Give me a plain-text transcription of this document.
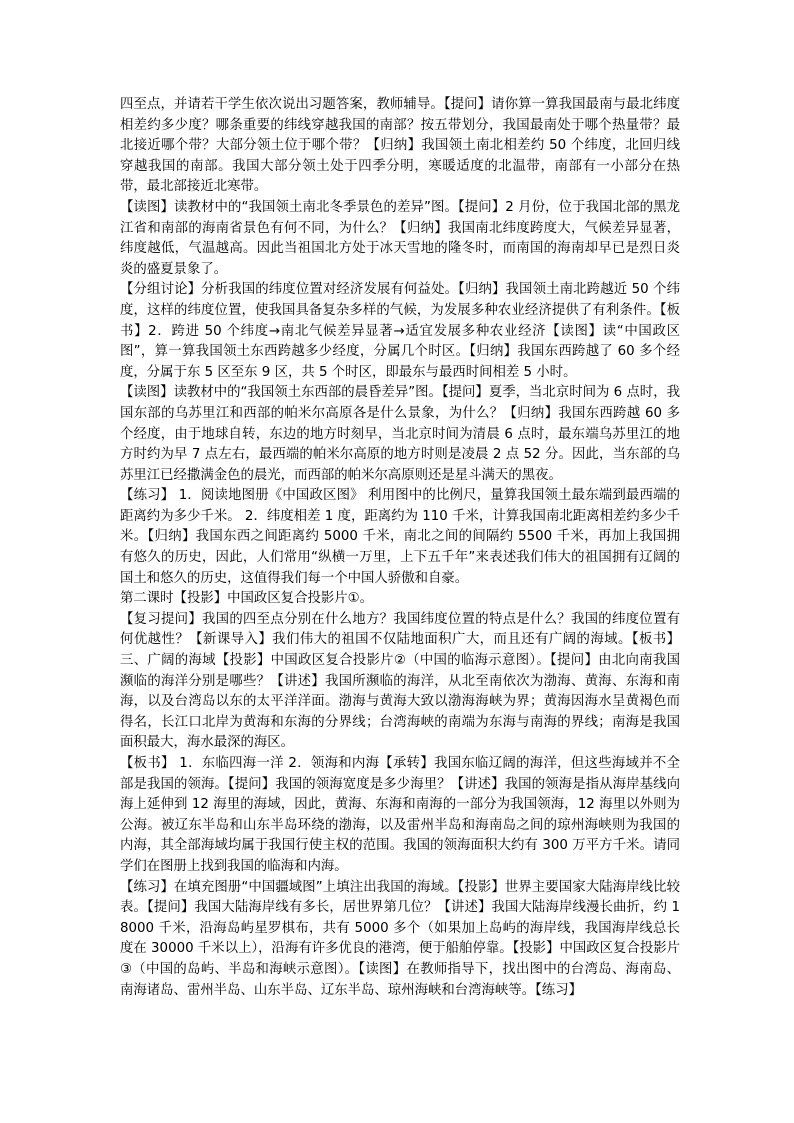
四至点，并请若干学生依次说出习题答案，教师辅导。【提问】请你算一算我国最南与最北纬度相差约多少度？哪条重要的纬线穿越我国的南部？按五带划分，我国最南处于哪个热量带？最北接近哪个带？大部分领土位于哪个带？【归纳】我国领土南北相差约 50 个纬度，北回归线穿越我国的南部。我国大部分领土处于四季分明，寒暖适度的北温带，南部有一小部分在热带，最北部接近北寒带。

【读图】读教材中的“我国领土南北冬季景色的差异”图。【提问】2 月份，位于我国北部的黑龙江省和南部的海南省景色有何不同，为什么？【归纳】我国南北纬度跨度大，气候差异显著，纬度越低，气温越高。因此当祖国北方处于冰天雪地的隆冬时，而南国的海南却早已是烈日炎炎的盛夏景象了。

【分组讨论】分析我国的纬度位置对经济发展有何益处。【归纳】我国领土南北跨越近 50 个纬度，这样的纬度位置，使我国具备复杂多样的气候，为发展多种农业经济提供了有利条件。【板书】2．跨进 50 个纬度→南北气候差异显著→适宜发展多种农业经济【读图】读“中国政区图”，算一算我国领土东西跨越多少经度，分属几个时区。【归纳】我国东西跨越了 60 多个经度，分属于东 5 区至东 9 区，共 5 个时区，即最东与最西时间相差 5 小时。

【读图】读教材中的“我国领土东西部的晨昏差异”图。【提问】夏季，当北京时间为 6 点时，我国东部的乌苏里江和西部的帕米尔高原各是什么景象，为什么？【归纳】我国东西跨越 60 多个经度，由于地球自转，东边的地方时刻早，当北京时间为清晨 6 点时，最东端乌苏里江的地方时约为早 7 点左右，最西端的帕米尔高原的地方时则是凌晨 2 点 52 分。因此，当东部的乌苏里江已经撒满金色的晨光，而西部的帕米尔高原则还是星斗满天的黑夜。

【练习】 1．阅读地图册《中国政区图》 利用图中的比例尺，量算我国领土最东端到最西端的距离约为多少千米。 2．纬度相差 1 度，距离约为 110 千米，计算我国南北距离相差约多少千米。【归纳】我国东西之间距离约 5000 千米，南北之间的间隔约 5500 千米，再加上我国拥有悠久的历史，因此，人们常用“纵横一万里，上下五千年”来表述我们伟大的祖国拥有辽阔的国土和悠久的历史，这值得我们每一个中国人骄傲和自豪。

第二课时【投影】中国政区复合投影片①。

【复习提问】我国的四至点分别在什么地方？我国纬度位置的特点是什么？我国的纬度位置有何优越性？【新课导入】我们伟大的祖国不仅陆地面积广大，而且还有广阔的海域。【板书】三、广阔的海域【投影】中国政区复合投影片②（中国的临海示意图）。【提问】由北向南我国濒临的海洋分别是哪些？【讲述】我国所濒临的海洋，从北至南依次为渤海、黄海、东海和南海，以及台湾岛以东的太平洋洋面。渤海与黄海大致以渤海海峡为界；黄海因海水呈黄褐色而得名，长江口北岸为黄海和东海的分界线；台湾海峡的南端为东海与南海的界线；南海是我国面积最大，海水最深的海区。

【板书】 1．东临四海一洋 2．领海和内海【承转】我国东临辽阔的海洋，但这些海域并不全部是我国的领海。【提问】我国的领海宽度是多少海里？【讲述】我国的领海是指从海岸基线向海上延伸到 12 海里的海域，因此，黄海、东海和南海的一部分为我国领海，12 海里以外则为公海。被辽东半岛和山东半岛环绕的渤海，以及雷州半岛和海南岛之间的琼州海峡则为我国的内海，其全部海域均属于我国行使主权的范围。我国的领海面积大约有 300 万平方千米。请同学们在图册上找到我国的临海和内海。

【练习】在填充图册“中国疆域图”上填注出我国的海域。【投影】世界主要国家大陆海岸线比较表。【提问】我国大陆海岸线有多长，居世界第几位？【讲述】我国大陆海岸线漫长曲折，约 18000 千米，沿海岛屿星罗棋布，共有 5000 多个（如果加上岛屿的海岸线，我国海岸线总长度在 30000 千米以上），沿海有许多优良的港湾，便于船舶停靠。【投影】中国政区复合投影片③（中国的岛屿、半岛和海峡示意图）。【读图】在教师指导下，找出图中的台湾岛、海南岛、南海诸岛、雷州半岛、山东半岛、辽东半岛、琼州海峡和台湾海峡等。【练习】
